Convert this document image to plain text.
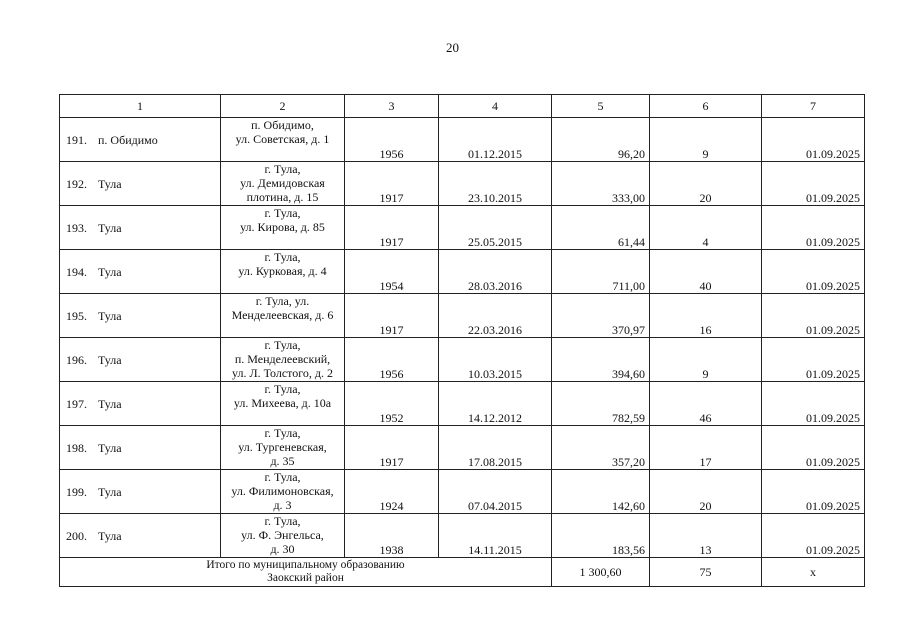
20
1	2	3	4	5	6	7
191. п. Обидимо	п. Обидимо,
ул. Советская, д. 1	1956	01.12.2015	96,20	9	01.09.2025
192. Тула	г. Тула,
ул. Демидовская
плотина, д. 15	1917	23.10.2015	333,00	20	01.09.2025
193. Тула	г. Тула,
ул. Кирова, д. 85	1917	25.05.2015	61,44	4	01.09.2025
194. Тула	г. Тула,
ул. Курковая, д. 4	1954	28.03.2016	711,00	40	01.09.2025
195. Тула	г. Тула, ул.
Менделеевская, д. 6	1917	22.03.2016	370,97	16	01.09.2025
196. Тула	г. Тула,
п. Менделеевский,
ул. Л. Толстого, д. 2	1956	10.03.2015	394,60	9	01.09.2025
197. Тула	г. Тула,
ул. Михеева, д. 10а	1952	14.12.2012	782,59	46	01.09.2025
198. Тула	г. Тула,
ул. Тургеневская,
д. 35	1917	17.08.2015	357,20	17	01.09.2025
199. Тула	г. Тула,
ул. Филимоновская,
д. 3	1924	07.04.2015	142,60	20	01.09.2025
200. Тула	г. Тула,
ул. Ф. Энгельса,
д. 30	1938	14.11.2015	183,56	13	01.09.2025

Итого по муниципальному образованию
Заокский район				1 300,60	75	х
